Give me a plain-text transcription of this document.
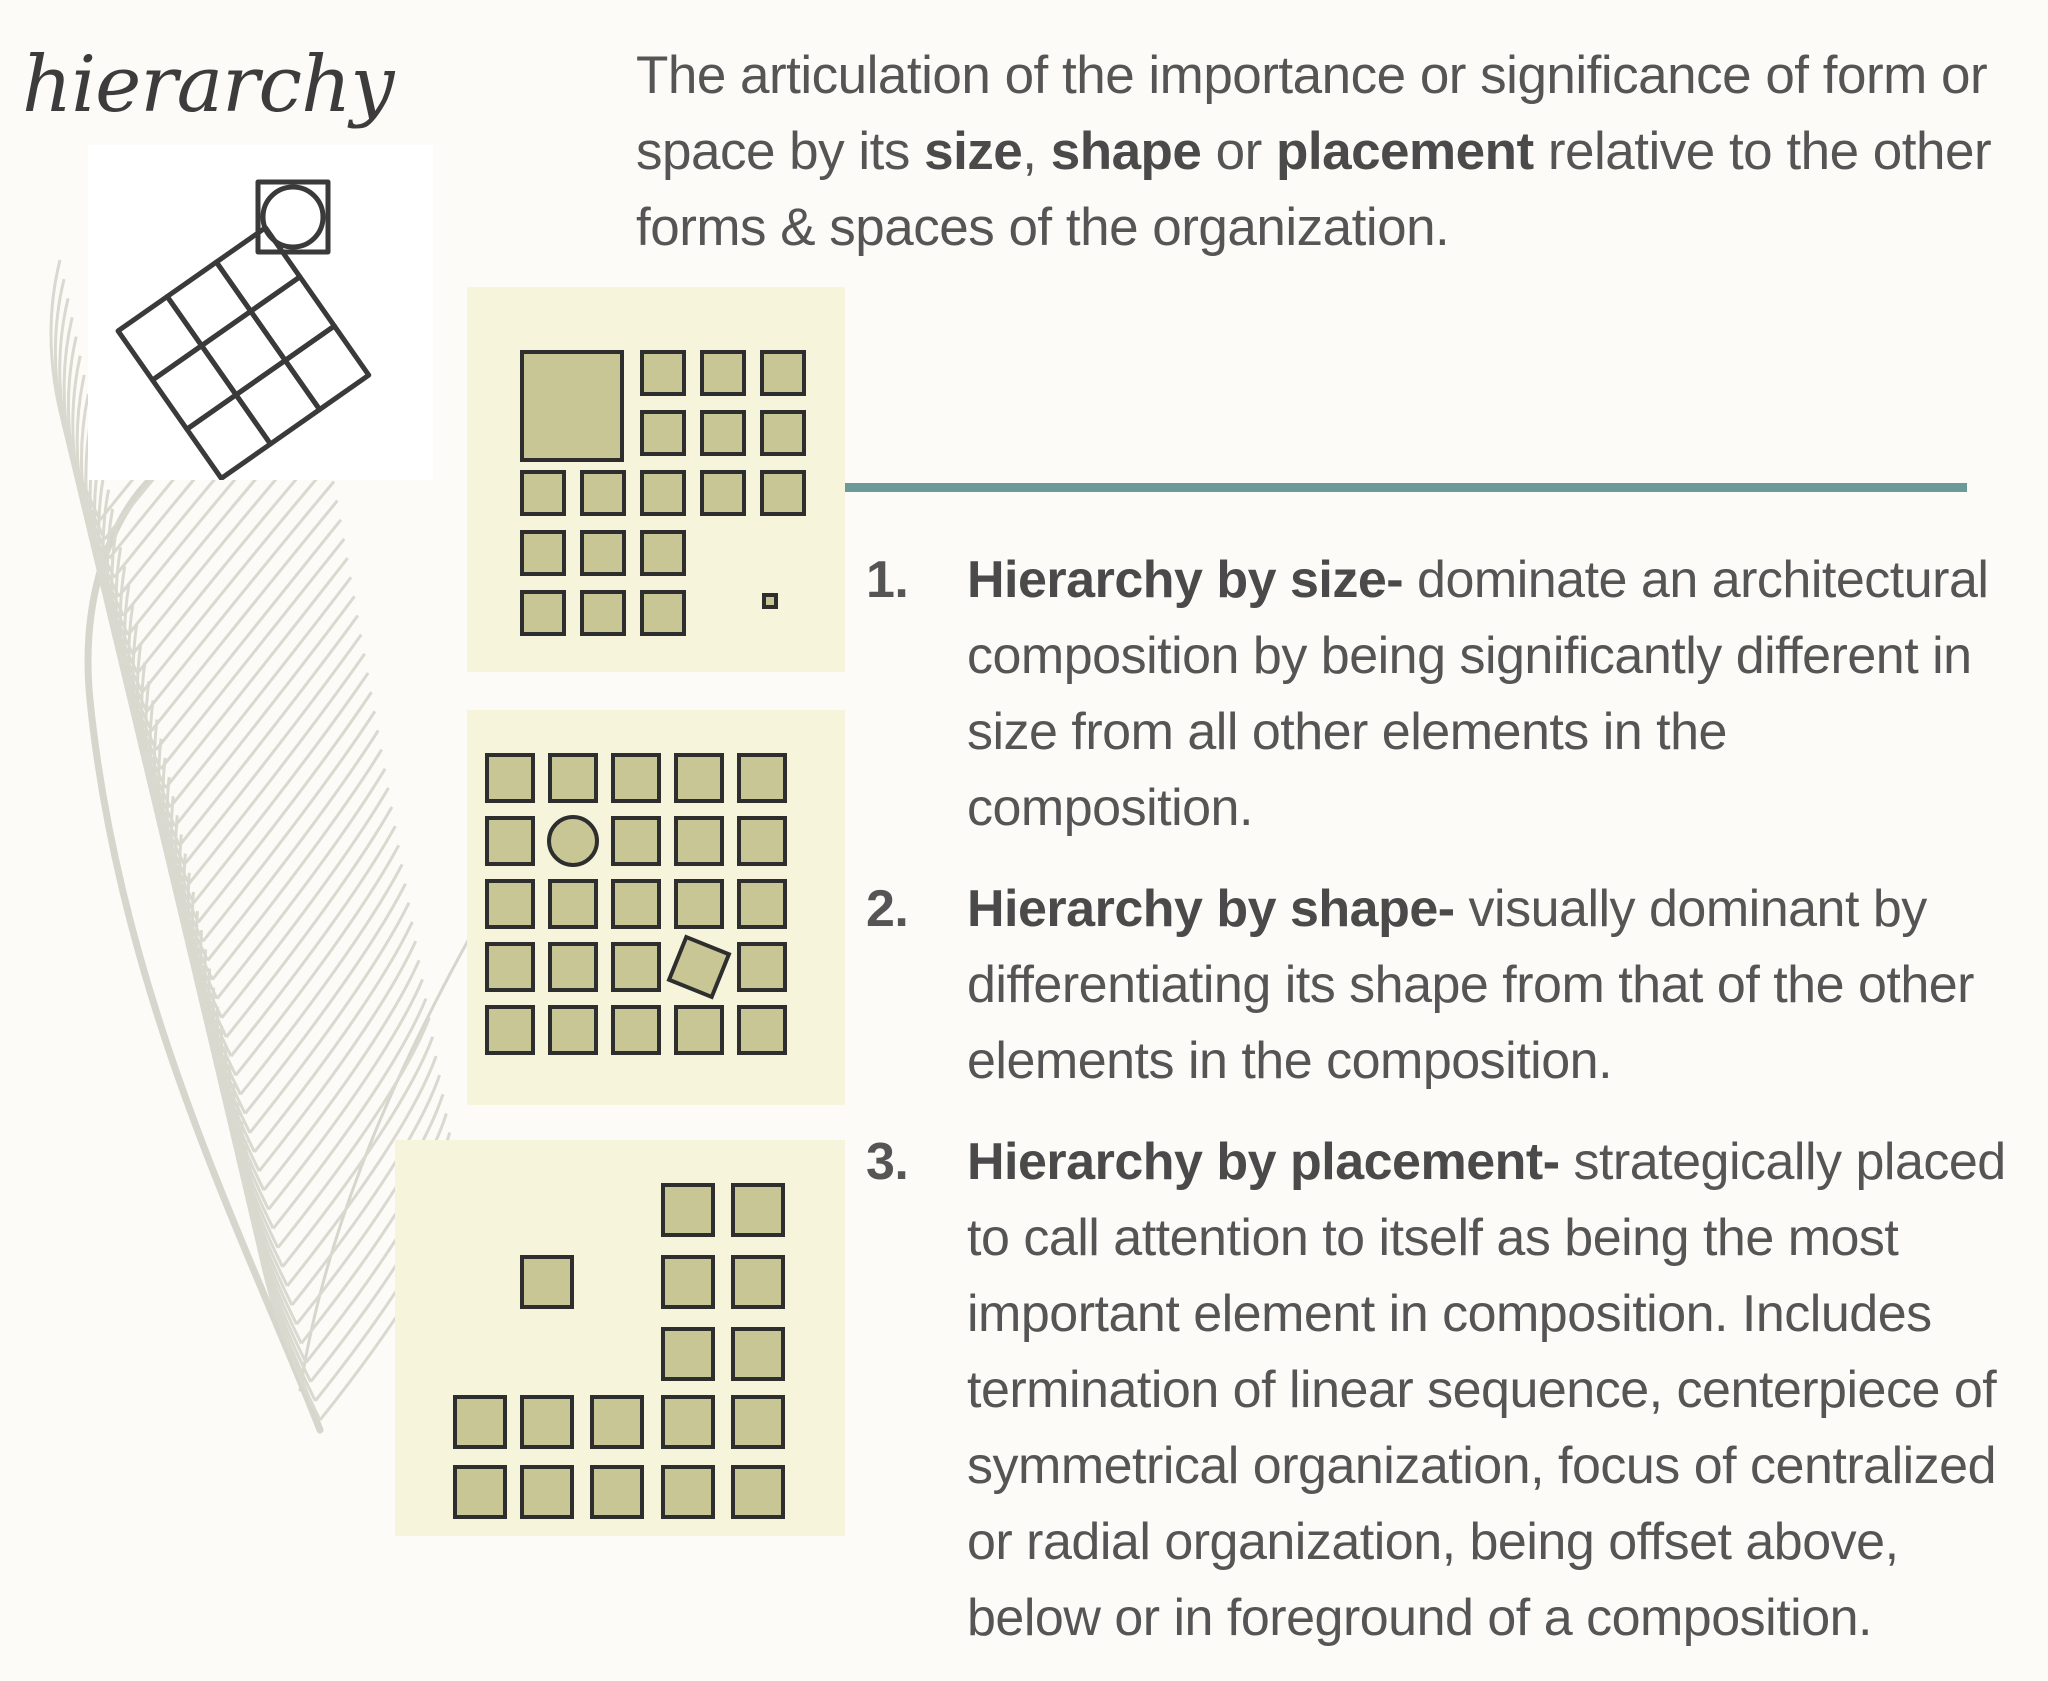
hierarchy	The articulation of the importance or significance of form or space by its size, shape or placement relative to the other forms & spaces of the organization.

1. Hierarchy by size- dominate an architectural composition by being significantly different in size from all other elements in the composition.
2. Hierarchy by shape- visually dominant by differentiating its shape from that of the other elements in the composition.
3. Hierarchy by placement- strategically placed to call attention to itself as being the most important element in composition. Includes termination of linear sequence, centerpiece of symmetrical organization, focus of centralized or radial organization, being offset above, below or in foreground of a composition.
